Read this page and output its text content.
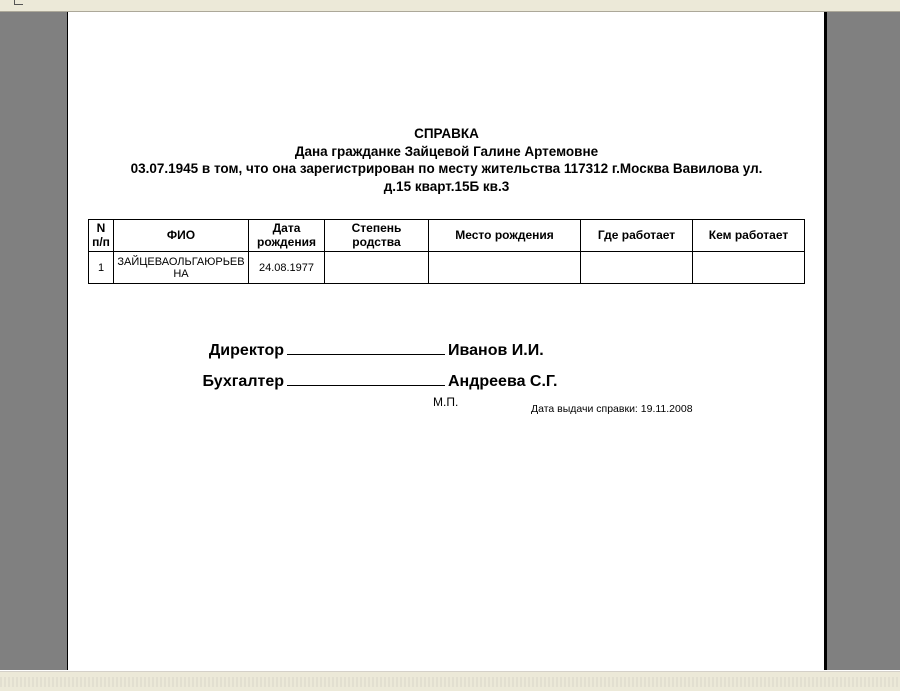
СПРАВКА
Дана гражданке Зайцевой Галине Артемовне
03.07.1945 в том, что она зарегистрирован по месту жительства 117312 г.Москва Вавилова ул.
д.15 кварт.15Б кв.3
N п/п	ФИО	Дата рождения	Степень родства	Место рождения	Где работает	Кем работает
1	ЗАЙЦЕВАОЛЬГАЮРЬЕВНА	24.08.1977				
Директор	Иванов И.И.
Бухгалтер	Андреева С.Г.
М.П.	Дата выдачи справки: 19.11.2008
